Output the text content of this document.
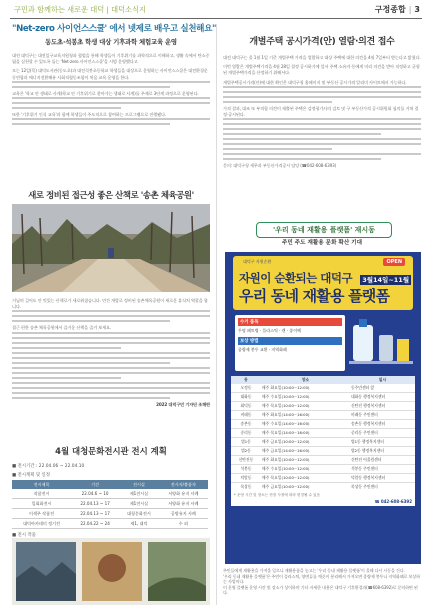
구민과 함께하는 새로운 대덕 | 대덕소식지	구정종합 | 3
"Net-zero 사이언스스쿨' 에서 넷제로 배우고 실천해요"
동도초·석봉초 학생 대상 기후과학 체험교육 운영
대전 대덕구는 대전일구교육지원청과 협업을 통해 학생들이 기후위기를 과학적으로 이해하고, 생활 속에서 탄소중립을 실천할 수 있도록 돕는 'Net-zero 사이언스스쿨'을 시범 운영했다고
모는 12일(목) 대덕도서관(동도초)과 대전석봉초등학교 학생들을 대상으로 운영하는 사이언스스쿨은 대전환경운동연합과 에너지전환해유 사회적협동조합이 처음 교육 운영을 한다.
교육은 '학교 안 생태로 사계(학교 안 기후위기로 찾아가는 생태로 사계)를 주제로 3단계 과정으로 운영된다.
또한 '기후위기 인식 교육'과 함께 학생들이 주도적으로 참여하는 프로그램으로 진행됐다.
새로 정비된 접근성 좋은 산책로 '송촌 체육공원'
거닐며 걸어도 안 멋있는 산책로가 새로워졌습니다. 민간 개발로 정비된 송촌체육공원이 새로운 휴식처 역할을 합니다.
접근 편한 송촌 체육공원에서 즐거운 산책을 즐겨 보세요.
2022 대덕구민 기자단 조해란
4월 대청문화전시관 전시 계획
■ 전시기간 : 22.04.06 ~ 22.04.10
■ 전시계획 및 일정
전시제목	기간	전시실	전시자/출품자
작품전시	22.04.6 ~ 10	제1전시실	서양화 유지 사례
일회화전시	22.04.13 ~ 17	제1전시실	서양화 유지 사례
이색주 작품전	22.04.13 ~ 17	대청문화전시	공방유지 사례
대덕아카데미 정기전	22.04.22 ~ 24	제1, 대덕	수 외
■ 전시 작품
개별주택 공시가격(안) 열람·의견 접수
대전 대덕구는 올 1월 1일 기준 개별주택 가격을 열람하고 대상 주택에 대한 의견을 4월 7일부터 받는다고 밝혔다.
이번 열람은 개별주택가격을 4월 28일 결정 공시하기에 앞서 주택 소유자 등에게 미리 의견을 받아 적정하고 균형된 개별주택가격을 산정하기 위해서다.
개별주택공시가격(안)에 대한 확인은 대덕구청 홈페이지 및 부동산 공시가격 알리미 사이트에서 가능하다.
가격 결과, 대조 또 부적합 의견이 제출된 주택은 감정평가사의 검토 및 구 부동산가격 공시위원회 심의를 거쳐 결정·공시된다.
문의: 대덕구청 세무과 부동산가격공시 담당 (☎042-608-6393)
'우리 동네 재활용 플랫폼' 재시동
주민 주도 재활용 문화 확산 기대
대덕구 자원순환	OPEN
자원이 순환되는 대덕구 3월14일~11월
우리 동네 재활용 플랫폼
수거 품목
투명 페트병 · 플라스틱 · 캔 · 종이팩
보상 방법
종량제 봉투 교환 · 지역화폐
동	장소	일시
오정동	매주 화요일(10:00~12:00)	동주민센터 앞
대화동	매주 수요일(10:00~12:00)	대화동 행정복지센터
회덕동	매주 목요일(10:00~12:00)	신탄진 행정복지센터
비래동	매주 화요일(14:00~16:00)	비래동 주민센터
송촌동	매주 수요일(14:00~16:00)	송촌동 행정복지센터
중리동	매주 목요일(14:00~16:00)	중리동 주민센터
법1동	매주 금요일(10:00~12:00)	법1동 행정복지센터
법2동	매주 금요일(14:00~16:00)	법2동 행정복지센터
신탄진동	매주 화요일(10:00~12:00)	신탄진 어울림센터
석봉동	매주 수요일(10:00~12:00)	석봉동 주민센터
덕암동	매주 목요일(10:00~12:00)	덕암동 행정복지센터
목상동	매주 금요일(10:00~12:00)	목상동 주민센터
* 운영 시간 및 장소는 현장 사정에 따라 변경될 수 있음
☎ 042-608-6392
주민들에게 재활용을 가져올 일으니 재활용품을 놓고는 '우리 동네 재활용 플랫폼'이 올해 다시 시동을 건다.
'우리 동네 재활용 플랫폼'은 주민이 플라스틱, 양변류를 깨끗이 분리해서 가져오면 종량제 봉투나 지역화폐로 보상하는 사업이다.
이 운영 플랫폼 운영 시간 및 장소가 상이하며 기타 자세한 내용은 대덕구 기후환경과(☎608-6392)로 문의하면 된다.
